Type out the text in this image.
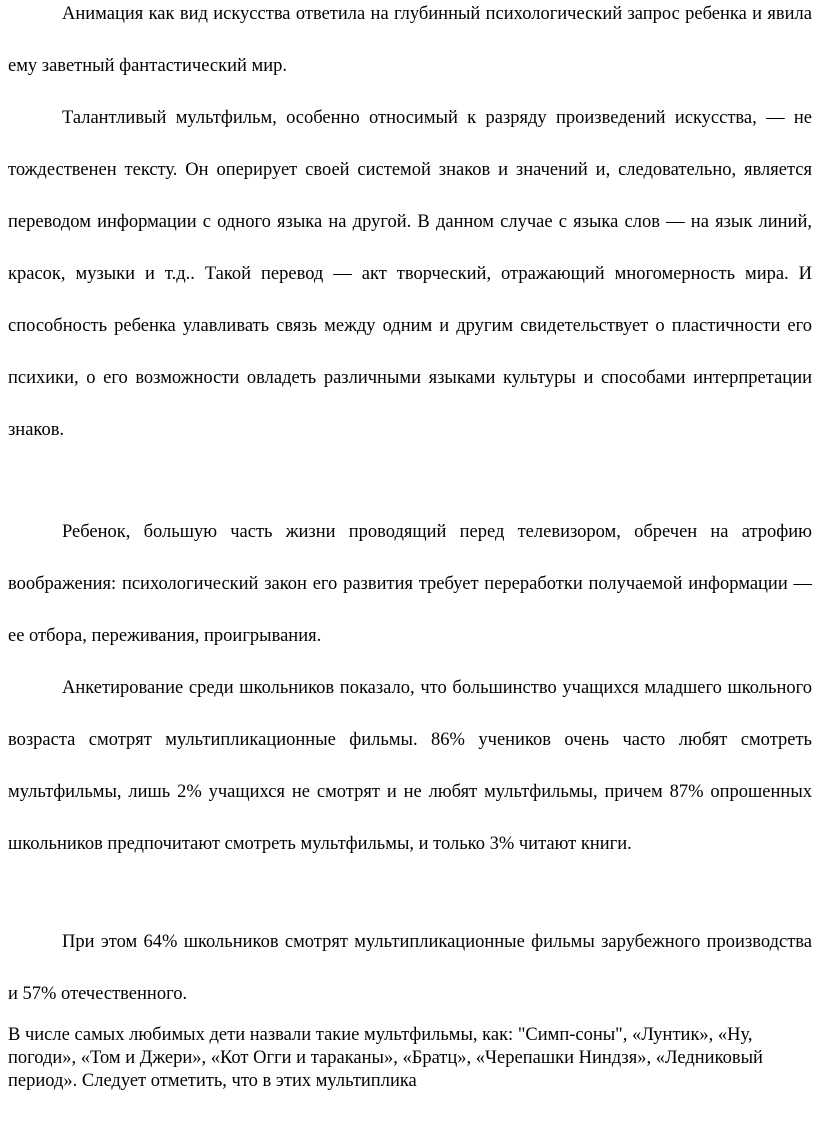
Анимация как вид искусства ответила на глубинный психологический запрос ребенка и явила ему заветный фантастический мир.

Талантливый мультфильм, особенно относимый к разряду произведений искусства, — не тождественен тексту. Он оперирует своей системой знаков и значений и, следовательно, является переводом информации с одного языка на другой. В данном случае с языка слов — на язык линий, красок, музыки и т.д.. Такой перевод — акт творческий, отражающий многомерность мира. И способность ребенка улавливать связь между одним и другим свидетельствует о пластичности его психики, о его возможности овладеть различными языками культуры и способами интерпретации знаков.

Ребенок, большую часть жизни проводящий перед телевизором, обречен на атрофию воображения: психологический закон его развития требует переработки получаемой информации — ее отбора, переживания, проигрывания.

Анкетирование среди школьников показало, что большинство учащихся младшего школьного возраста смотрят мультипликационные фильмы. 86% учеников очень часто любят смотреть мультфильмы, лишь 2% учащихся не смотрят и не любят мультфильмы, причем 87% опрошенных школьников предпочитают смотреть мультфильмы, и только 3% читают книги.

При этом 64% школьников смотрят мультипликационные фильмы зарубежного производства и 57% отечественного.

В числе самых любимых дети назвали такие мультфильмы, как: "Симп-соны", «Лунтик», «Ну, погоди», «Том и Джери», «Кот Огги и тараканы», «Братц», «Черепашки Ниндзя», «Ледниковый период». Следует отметить, что в этих мультиплика
